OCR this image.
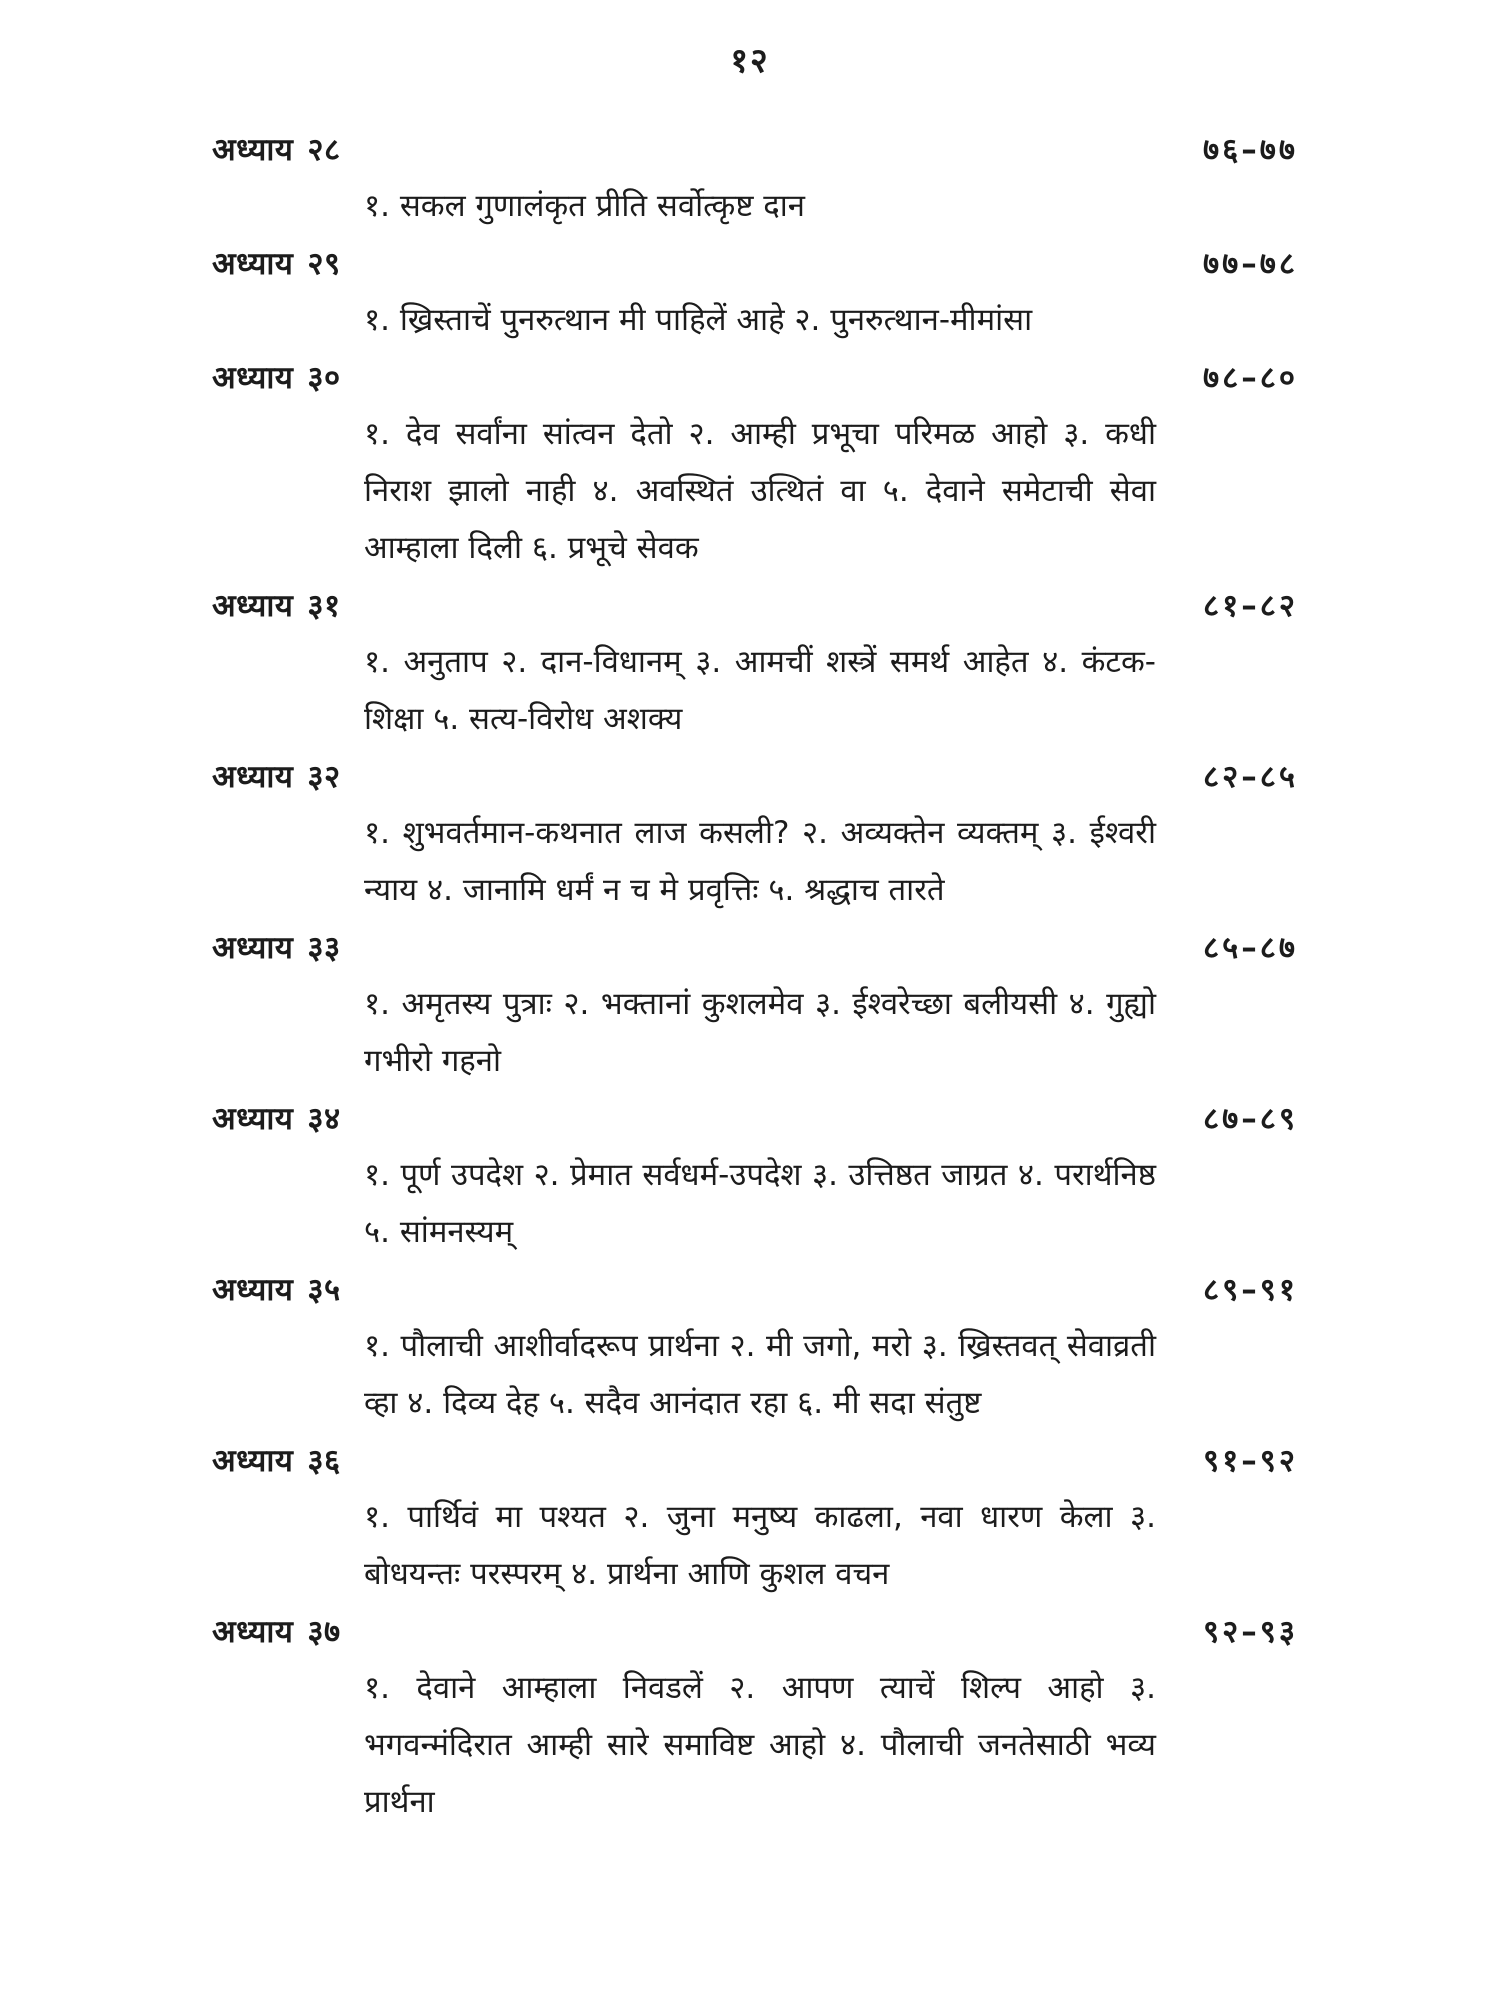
१२
अध्याय २८	७६–७७
१. सकल गुणालंकृत प्रीति सर्वोत्कृष्ट दान
अध्याय २९	७७–७८
१. ख्रिस्ताचें पुनरुत्थान मी पाहिलें आहे २. पुनरुत्थान-मीमांसा
अध्याय ३०	७८–८०
१. देव सर्वांना सांत्वन देतो २. आम्ही प्रभूचा परिमळ आहो ३. कधी निराश झालो नाही ४. अवस्थितं उत्थितं वा ५. देवाने समेटाची सेवा आम्हाला दिली ६. प्रभूचे सेवक
अध्याय ३१	८१–८२
१. अनुताप २. दान-विधानम् ३. आमचीं शस्त्रें समर्थ आहेत ४. कंटक-शिक्षा ५. सत्य-विरोध अशक्य
अध्याय ३२	८२–८५
१. शुभवर्तमान-कथनात लाज कसली? २. अव्यक्तेन व्यक्तम् ३. ईश्वरी न्याय ४. जानामि धर्मं न च मे प्रवृत्तिः ५. श्रद्धाच तारते
अध्याय ३३	८५–८७
१. अमृतस्य पुत्राः २. भक्तानां कुशलमेव ३. ईश्वरेच्छा बलीयसी ४. गुह्यो गभीरो गहनो
अध्याय ३४	८७–८९
१. पूर्ण उपदेश २. प्रेमात सर्वधर्म-उपदेश ३. उत्तिष्ठत जाग्रत ४. परार्थनिष्ठ ५. सांमनस्यम्
अध्याय ३५	८९–९१
१. पौलाची आशीर्वादरूप प्रार्थना २. मी जगो, मरो ३. ख्रिस्तवत् सेवाव्रती व्हा ४. दिव्य देह ५. सदैव आनंदात रहा ६. मी सदा संतुष्ट
अध्याय ३६	९१–९२
१. पार्थिवं मा पश्यत २. जुना मनुष्य काढला, नवा धारण केला ३. बोधयन्तः परस्परम् ४. प्रार्थना आणि कुशल वचन
अध्याय ३७	९२–९३
१. देवाने आम्हाला निवडलें २. आपण त्याचें शिल्प आहो ३. भगवन्मंदिरात आम्ही सारे समाविष्ट आहो ४. पौलाची जनतेसाठी भव्य प्रार्थना
